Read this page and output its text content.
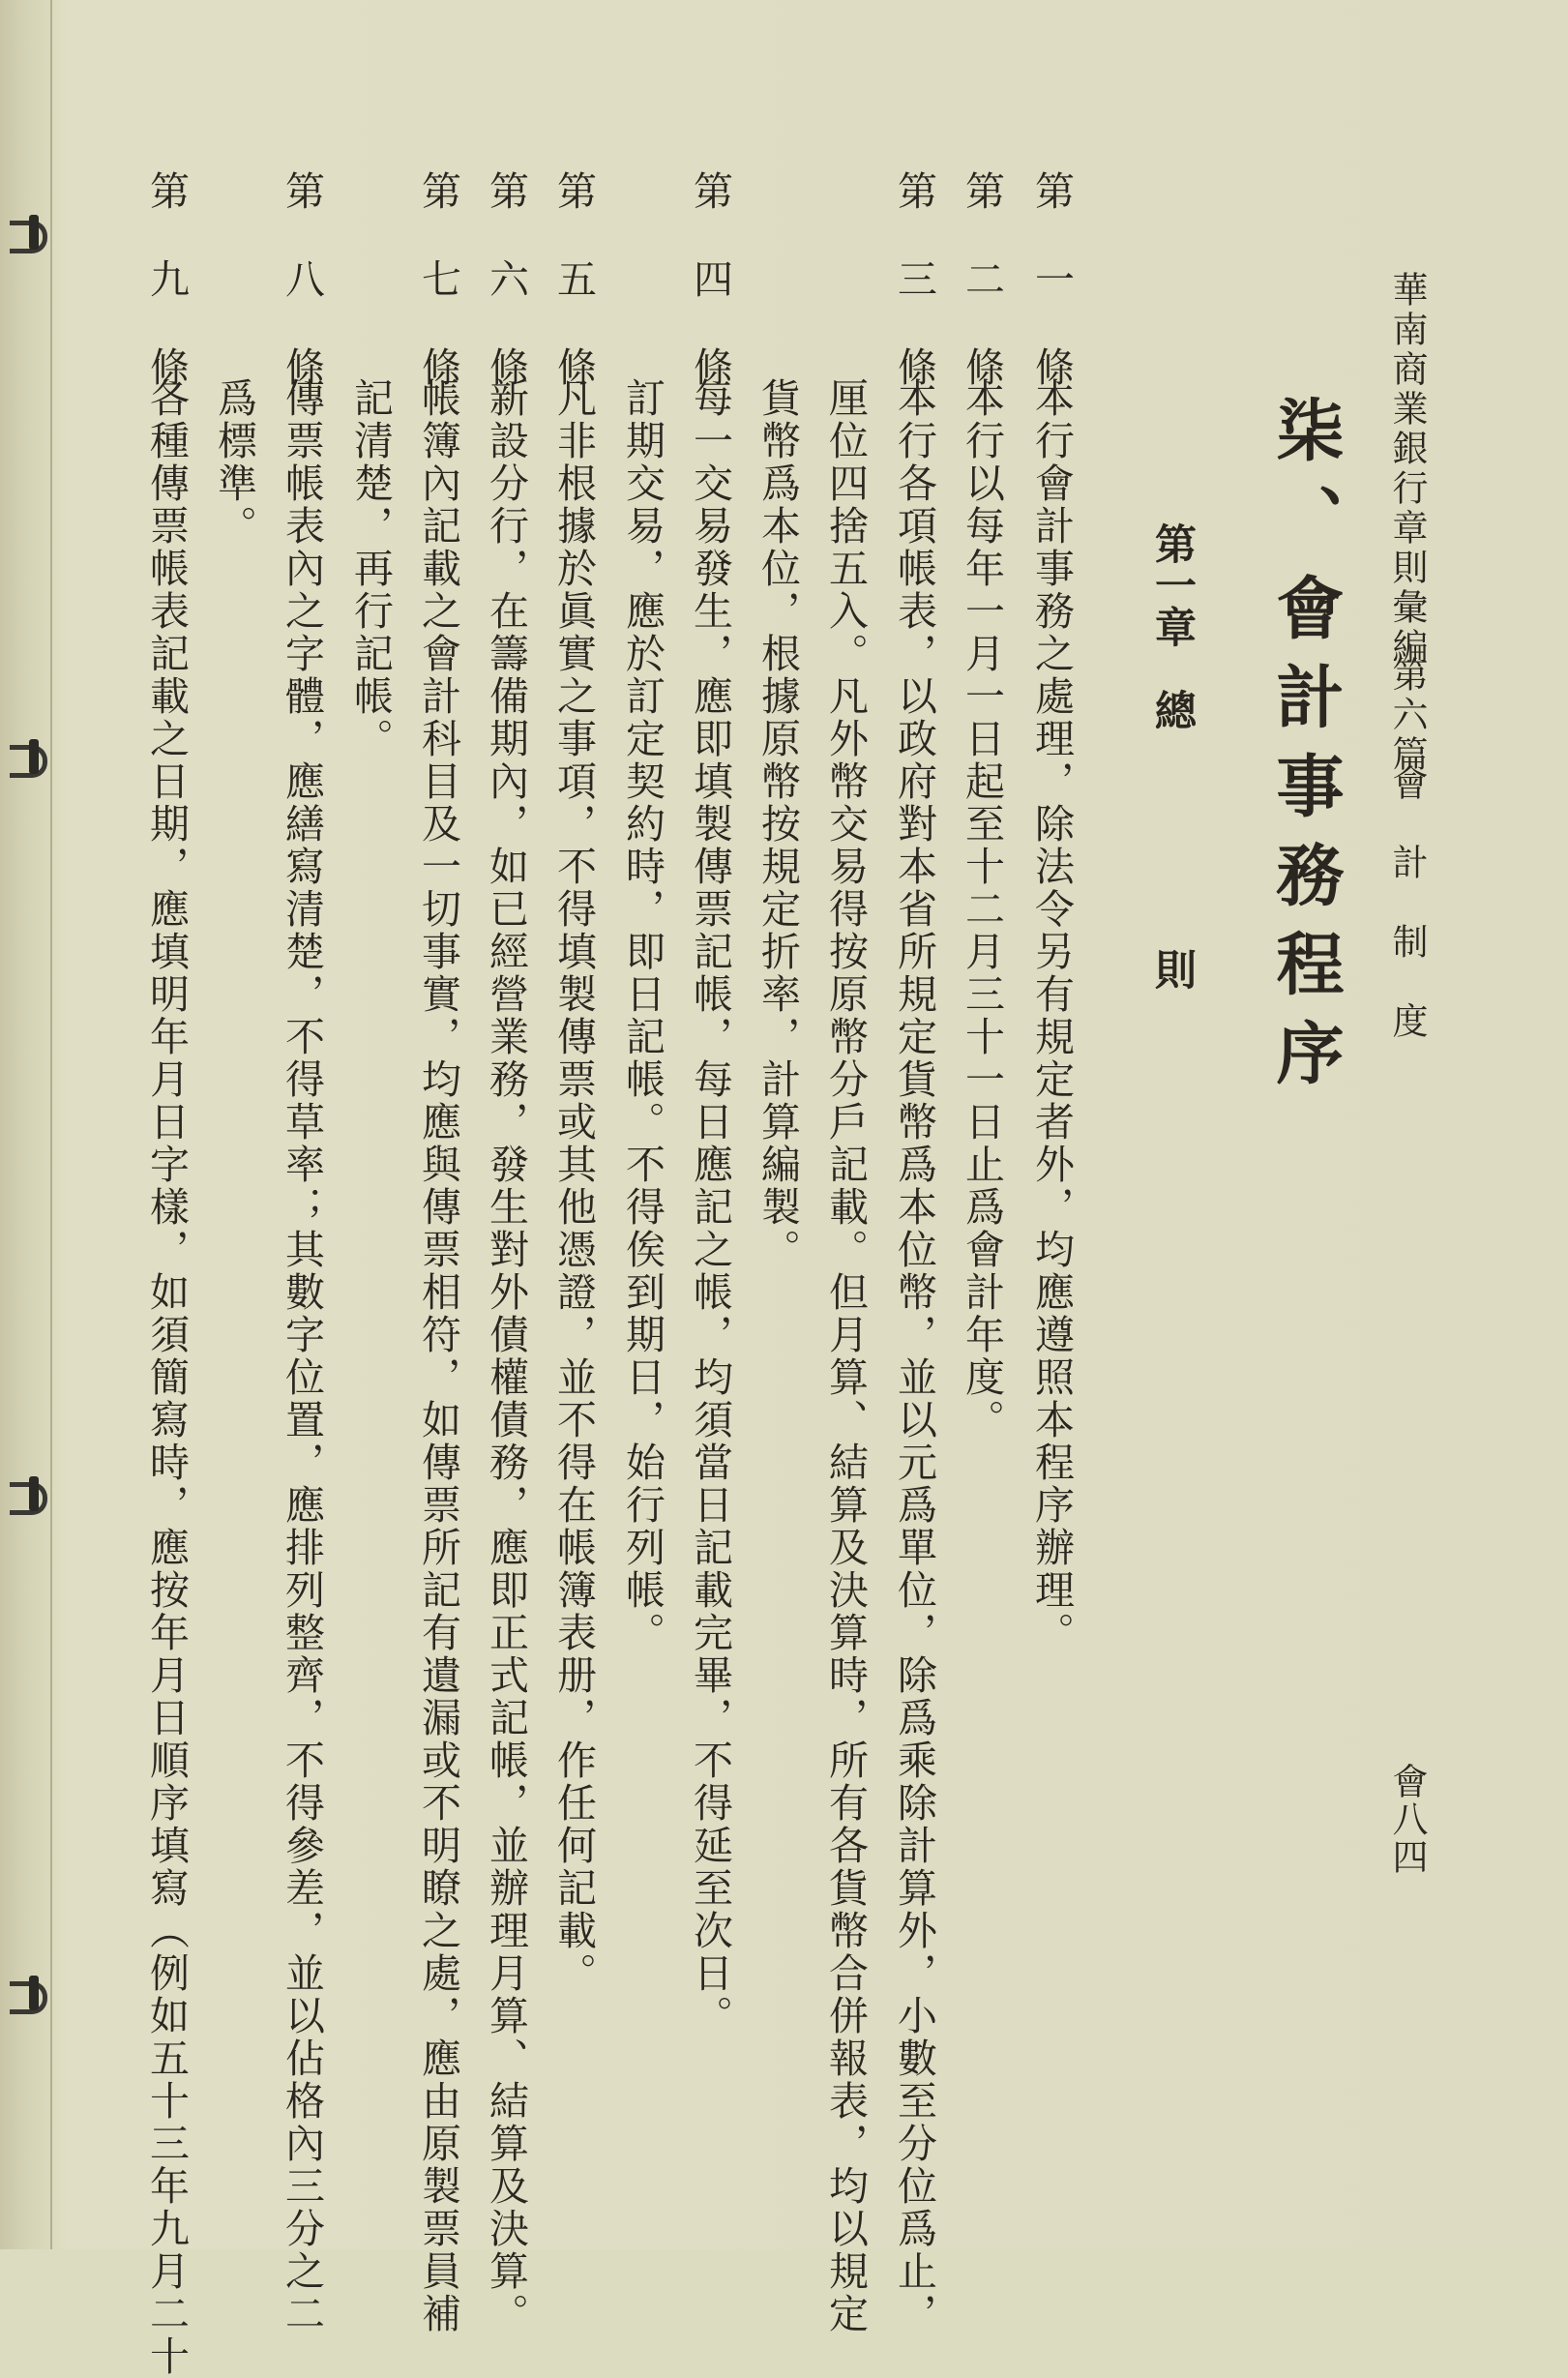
華南商業銀行章則彙編
第六篇
會　計　制　度
會八四
柒、會計事務程序
第一章
總
則
第一條
本行會計事務之處理，除法令另有規定者外，均應遵照本程序辦理。
第二條
本行以每年一月一日起至十二月三十一日止爲會計年度。
第三條
本行各項帳表，以政府對本省所規定貨幣爲本位幣，並以元爲單位，除爲乘除計算外，小數至分位爲止，
厘位四捨五入。凡外幣交易得按原幣分戶記載。但月算、結算及決算時，所有各貨幣合併報表，均以規定
貨幣爲本位，根據原幣按規定折率，計算編製。
第四條
每一交易發生，應即填製傳票記帳，每日應記之帳，均須當日記載完畢，不得延至次日。
訂期交易，應於訂定契約時，即日記帳。不得俟到期日，始行列帳。
第五條
凡非根據於眞實之事項，不得填製傳票或其他憑證，並不得在帳簿表册，作任何記載。
第六條
新設分行，在籌備期內，如已經營業務，發生對外債權債務，應即正式記帳，並辦理月算、結算及決算。
第七條
帳簿內記載之會計科目及一切事實，均應與傳票相符，如傳票所記有遺漏或不明瞭之處，應由原製票員補
記清楚，再行記帳。
第八條
傳票帳表內之字體，應繕寫清楚，不得草率；其數字位置，應排列整齊，不得參差，並以佔格內三分之二
爲標準。
第九條
各種傳票帳表記載之日期，應填明年月日字樣，如須簡寫時，應按年月日順序填寫（例如五十三年九月二十
